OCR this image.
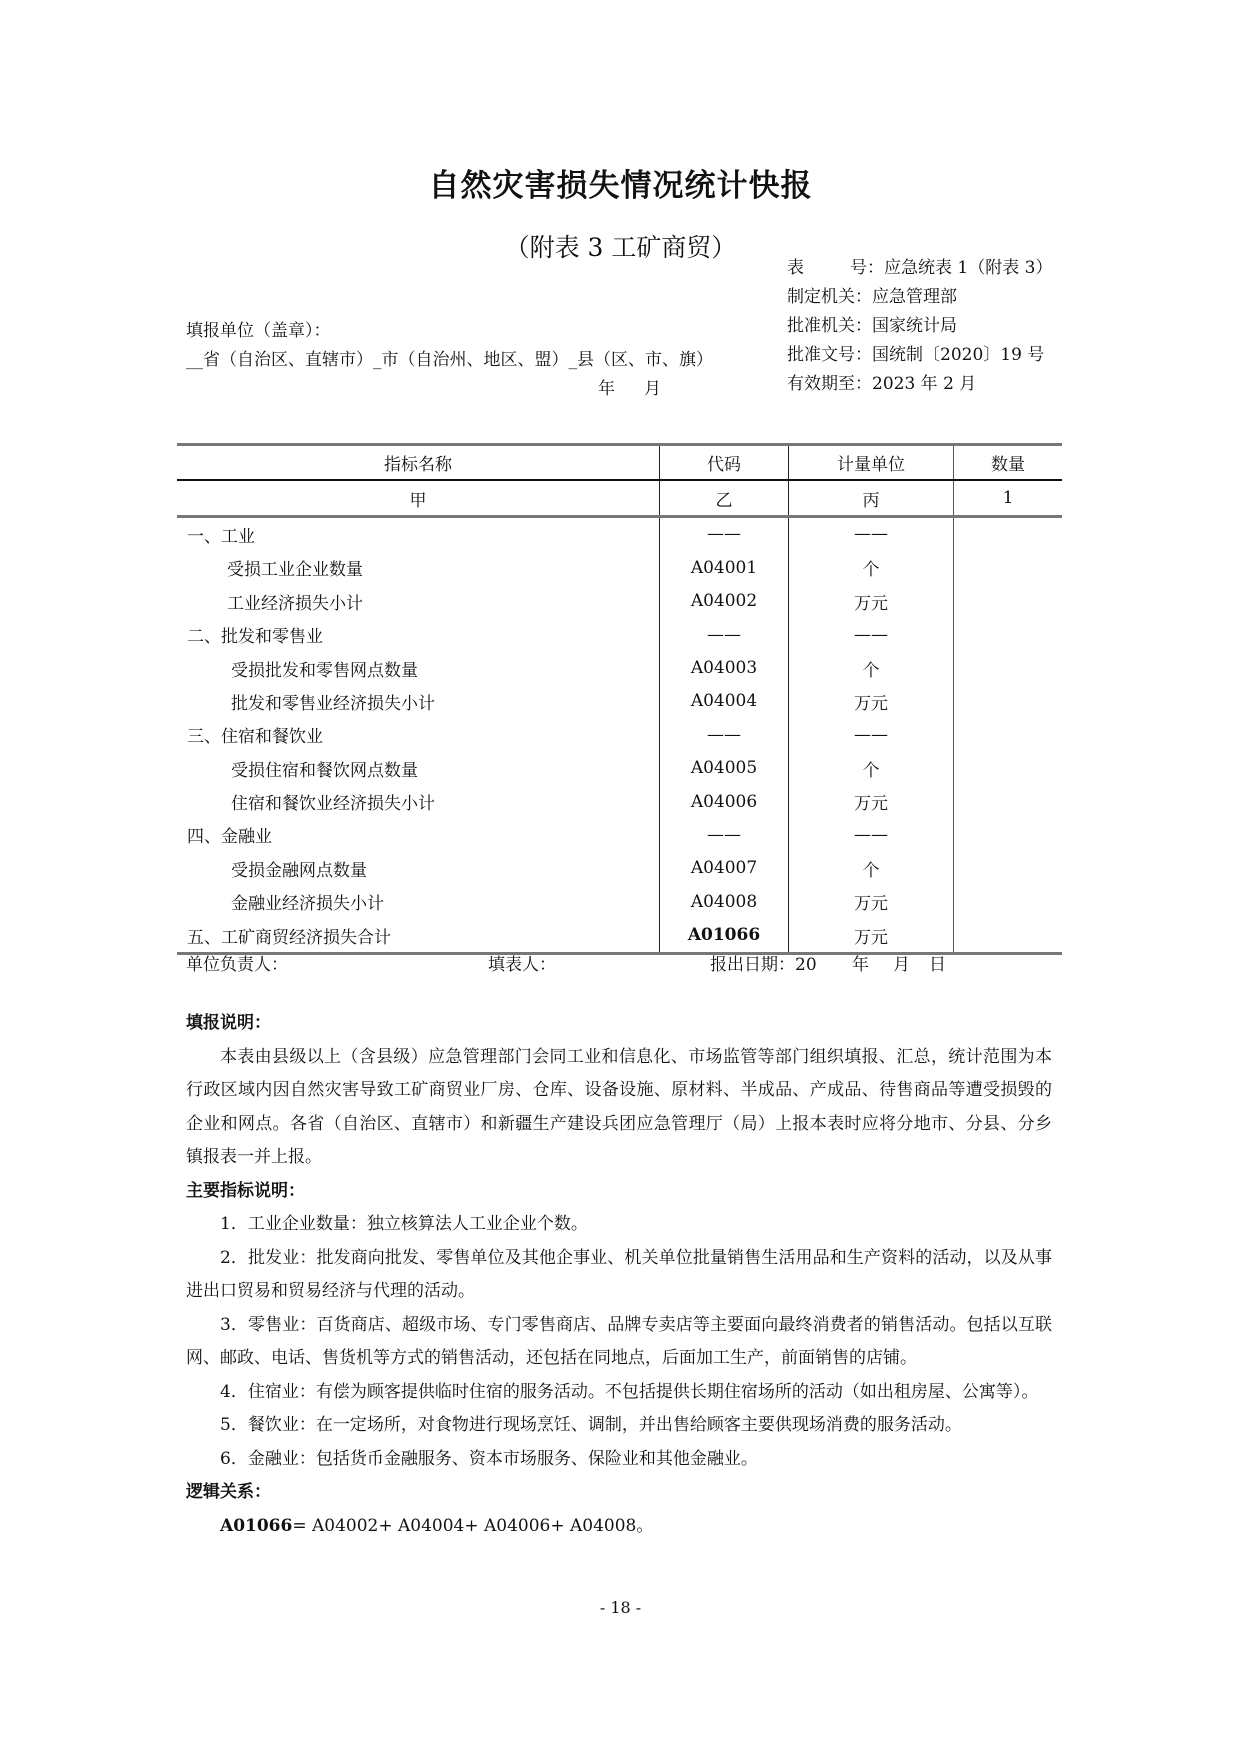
自然灾害损失情况统计快报
（附表 3 工矿商贸）
表	号 ：应急统表 1（附表 3）
制定机关：应急管理部
批准机关：国家统计局
批准文号：国统制〔2020〕19 号
有效期至：2023 年 2 月
填报单位（盖章）：
__省（自治区、直辖市）_市（自治州、地区、盟）_县（区、市、旗）
年 月
指标名称	代码	计量单位	数量
甲	乙	丙	1
一、工业	——	——	
受损工业企业数量	A04001	个	
工业经济损失小计	A04002	万元	
二、批发和零售业	——	——	
受损批发和零售网点数量	A04003	个	
批发和零售业经济损失小计	A04004	万元	
三、住宿和餐饮业	——	——	
受损住宿和餐饮网点数量	A04005	个	
住宿和餐饮业经济损失小计	A04006	万元	
四、金融业	——	——	
受损金融网点数量	A04007	个	
金融业经济损失小计	A04008	万元	
五、工矿商贸经济损失合计	A01066	万元	
单位负责人：	填表人：	报出日期：20 年 月 日
填报说明：

本表由县级以上（含县级）应急管理部门会同工业和信息化、市场监管等部门组织填报、汇总，统计范围为本行政区域内因自然灾害导致工矿商贸业厂房、仓库、设备设施、原材料、半成品、产成品、待售商品等遭受损毁的企业和网点。各省（自治区、直辖市）和新疆生产建设兵团应急管理厅（局）上报本表时应将分地市、分县、分乡镇报表一并上报。

主要指标说明：

1．工业企业数量：独立核算法人工业企业个数。

2．批发业：批发商向批发、零售单位及其他企事业、机关单位批量销售生活用品和生产资料的活动，以及从事进出口贸易和贸易经济与代理的活动。

3．零售业：百货商店、超级市场、专门零售商店、品牌专卖店等主要面向最终消费者的销售活动。包括以互联网、邮政、电话、售货机等方式的销售活动，还包括在同地点，后面加工生产，前面销售的店铺。

4．住宿业：有偿为顾客提供临时住宿的服务活动。不包括提供长期住宿场所的活动（如出租房屋、公寓等）。

5．餐饮业：在一定场所，对食物进行现场烹饪、调制，并出售给顾客主要供现场消费的服务活动。

6．金融业：包括货币金融服务、资本市场服务、保险业和其他金融业。

逻辑关系：

A01066= A04002+ A04004+ A04006+ A04008。

- 18 -
